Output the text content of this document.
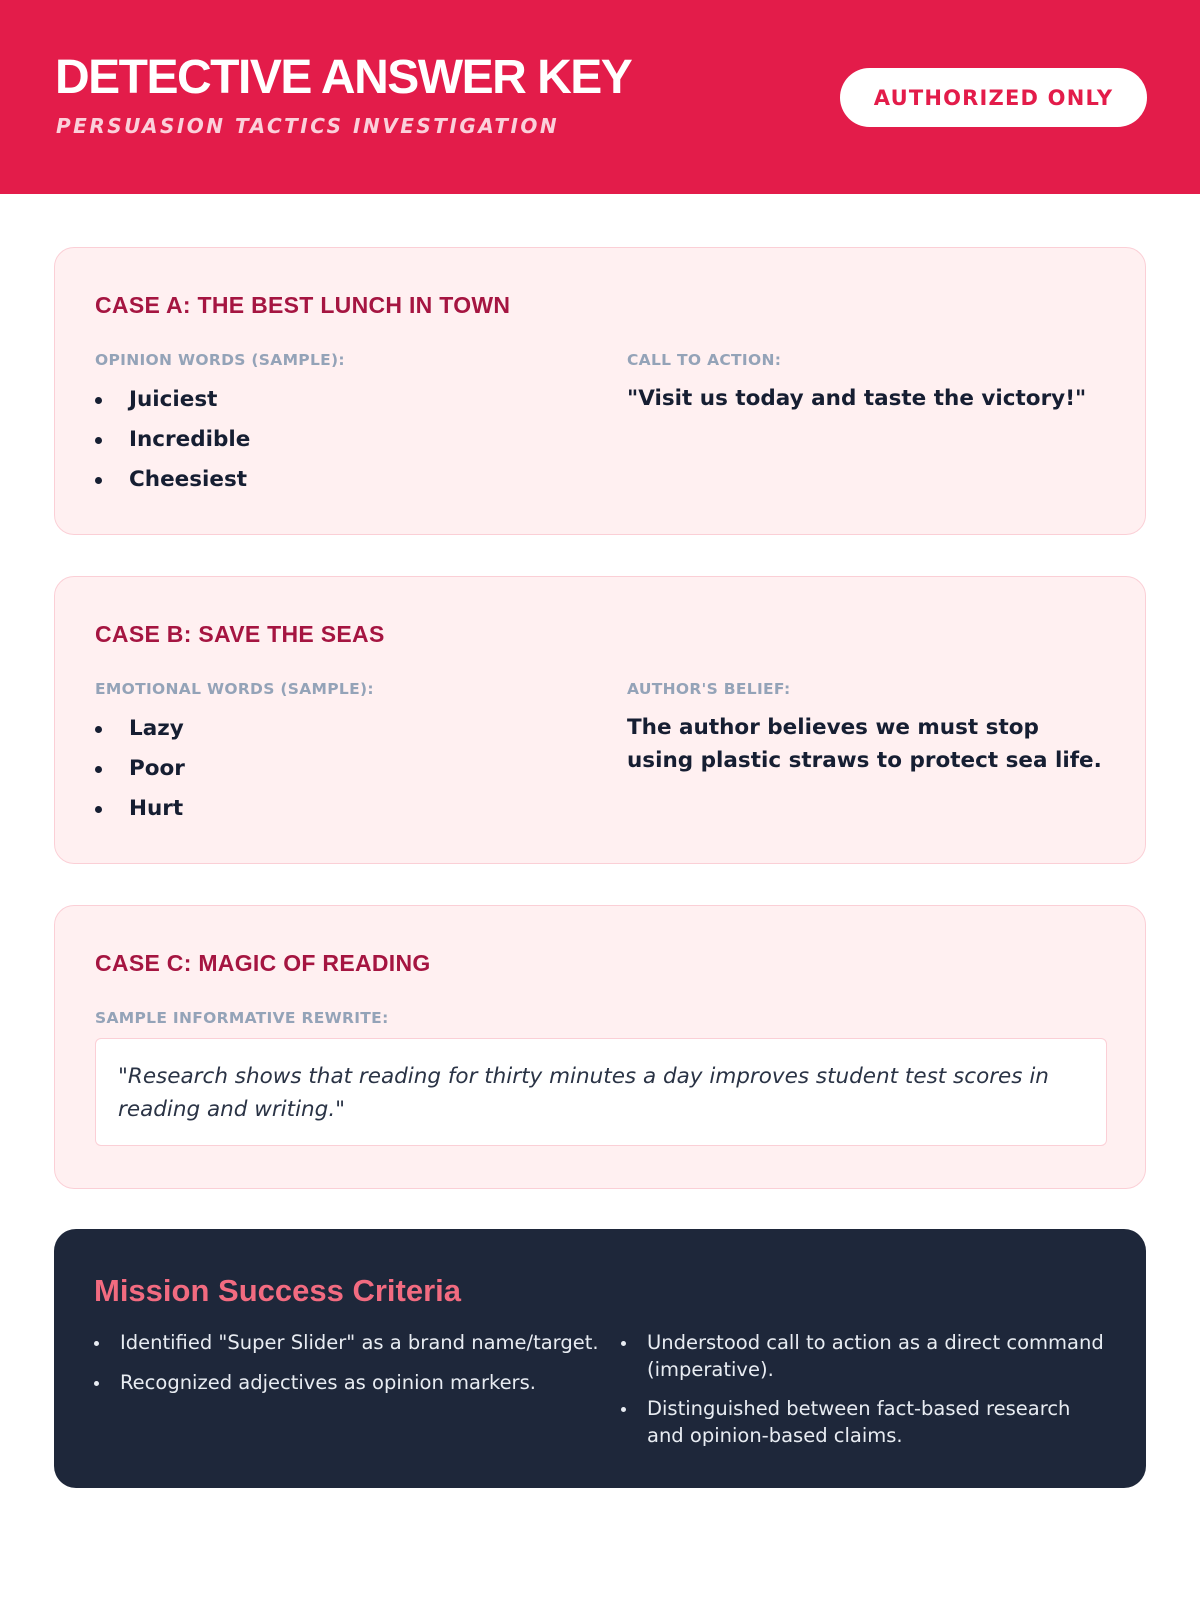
DETECTIVE ANSWER KEY
PERSUASION TACTICS INVESTIGATION
AUTHORIZED ONLY
CASE A: THE BEST LUNCH IN TOWN
OPINION WORDS (SAMPLE):
Juiciest
Incredible
Cheesiest
CALL TO ACTION:
"Visit us today and taste the victory!"
CASE B: SAVE THE SEAS
EMOTIONAL WORDS (SAMPLE):
Lazy
Poor
Hurt
AUTHOR'S BELIEF:
The author believes we must stop using plastic straws to protect sea life.
CASE C: MAGIC OF READING
SAMPLE INFORMATIVE REWRITE:
"Research shows that reading for thirty minutes a day improves student test scores in reading and writing."
Mission Success Criteria
Identified "Super Slider" as a brand name/target.
Recognized adjectives as opinion markers.
Understood call to action as a direct command (imperative).
Distinguished between fact-based research and opinion-based claims.
